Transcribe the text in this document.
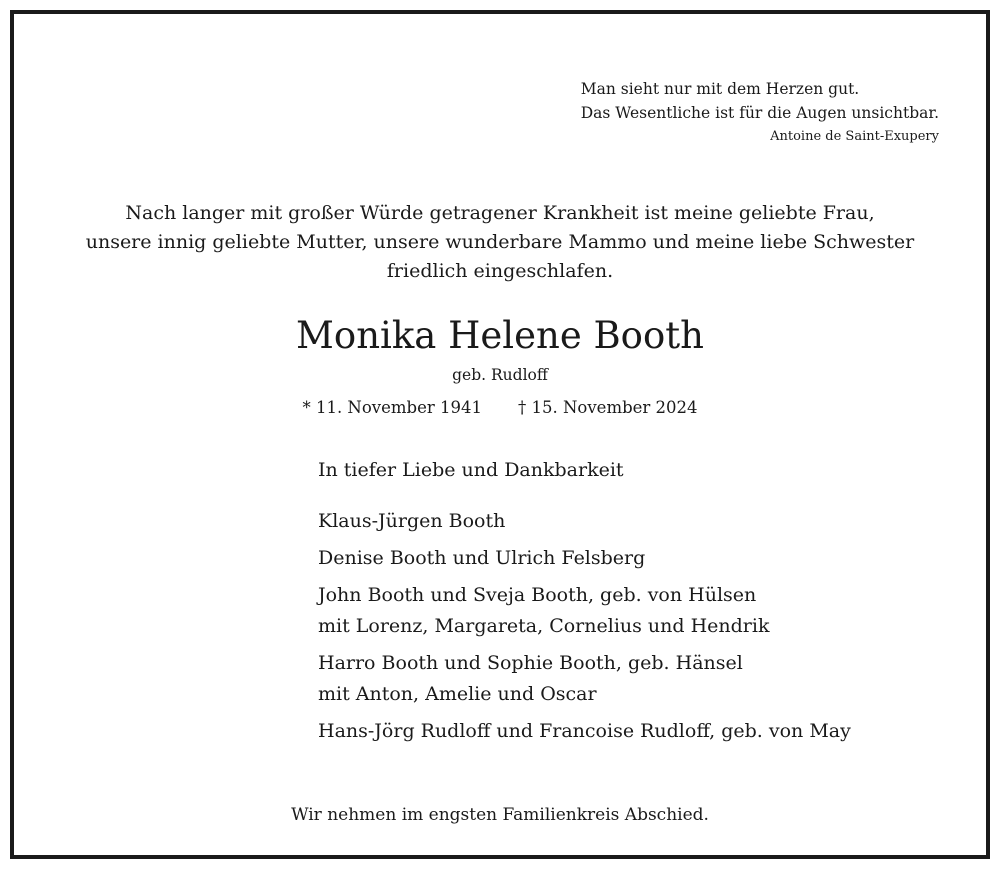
Man sieht nur mit dem Herzen gut.
Das Wesentliche ist für die Augen unsichtbar.
Antoine de Saint-Exupery
Nach langer mit großer Würde getragener Krankheit ist meine geliebte Frau,
unsere innig geliebte Mutter, unsere wunderbare Mammo und meine liebe Schwester
friedlich eingeschlafen.
Monika Helene Booth
geb. Rudloff
* 11. November 1941 † 15. November 2024
In tiefer Liebe und Dankbarkeit
Klaus-Jürgen Booth
Denise Booth und Ulrich Felsberg
John Booth und Sveja Booth, geb. von Hülsen
mit Lorenz, Margareta, Cornelius und Hendrik
Harro Booth und Sophie Booth, geb. Hänsel
mit Anton, Amelie und Oscar
Hans-Jörg Rudloff und Francoise Rudloff, geb. von May
Wir nehmen im engsten Familienkreis Abschied.
